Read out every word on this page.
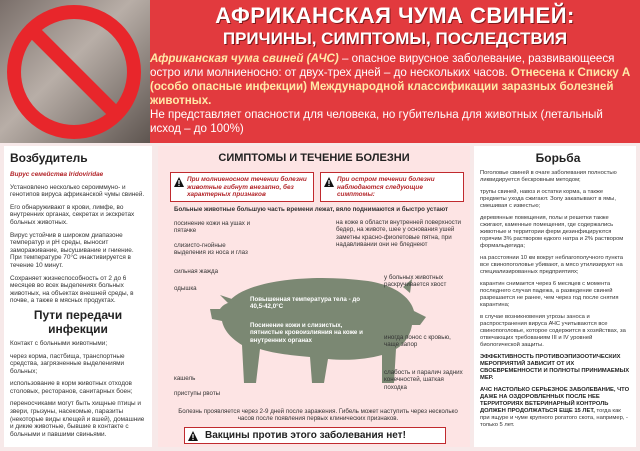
АФРИКАНСКАЯ ЧУМА СВИНЕЙ:
ПРИЧИНЫ, СИМПТОМЫ, ПОСЛЕДСТВИЯ
Африканская чума свиней (АЧС) – опасное вирусное заболевание, развивающееся остро или молниеносно: от двух-трех дней – до нескольких часов. Отнесена к Списку А (особо опасные инфекции) Международной классификации заразных болезней животных.
Не представляет опасности для человека, но губительна для животных (летальный исход – до 100%)
Возбудитель

Вирус семейства Iridoviridae

Установлено несколько сероиммуно- и генотипов вируса африканской чумы свиней.

Его обнаруживают в крови, лимфе, во внутренних органах, секретах и экскретах больных животных.

Вирус устойчив в широком диапазоне температур и рН среды, выносит замораживание, высушивание и гниение. При температуре 70°С инактивируется в течение 10 минут.

Сохраняет жизнеспособность от 2 до 6 месяцев во всех выделениях больных животных, на объектах внешней среды, в почве, а также в мясных продуктах.

Пути передачи инфекции

Контакт с больными животными;

через корма, пастбища, транспортные средства, загрязненные выделениями больных;

использование в корм животных отходов столовых, ресторанов, санитарных боен;

переносчиками могут быть хищные птицы и звери, грызуны, насекомые, паразиты (некоторые виды клещей и вшей), домашние и дикие животные, бывшие в контакте с больными и павшими свиньями.

СИМПТОМЫ И ТЕЧЕНИЕ БОЛЕЗНИ
При молниеносном течении болезни животные гибнут внезапно, без характерных признаков
При остром течении болезни наблюдаются следующие симптомы:
Больные животные большую часть времени лежат, вяло поднимаются и быстро устают
Повышенная температура тела - до 40,5-42,0°С
Посинение кожи и слизистых, пятнистые кровоизлияния на коже и внутренних органах
посинение кожи на ушах и пятачке
слизисто-гнойные выделения из носа и глаз
сильная жажда
одышка
кашель
приступы рвоты
на коже в области внутренней поверхности бедер, на животе, шее у основания ушей заметны красно-фиолетовые пятна, при надавливании они не бледнеют
у больных животных раскручивается хвост
иногда понос с кровью, чаще запор
слабость и паралич задних конечностей, шаткая походка
Болезнь проявляется через 2-9 дней после заражения. Гибель может наступить через несколько часов после появления первых клинических признаков.
Вакцины против этого заболевания нет!
Борьба

Поголовье свиней в очаге заболевания полностью ликвидируется бескровным методом;

трупы свиней, навоз и остатки корма, а также предметы ухода сжигают. Золу закапывают в ямы, смешивая с известью;

деревянные помещения, полы и решетки также сжигают, каменные помещения, где содержались животные и территории ферм дезинфицируются горячим 3% раствором едкого натра и 2% раствором формальдегида;

на расстоянии 10 км вокруг неблагополучного пункта все свинопоголовье убивают, а мясо утилизируют на специализированных предприятиях;

карантин снимается через 6 месяцев с момента последнего случая падежа, а разведение свиней разрешается не ранее, чем через год после снятия карантина;

в случае возникновения угрозы заноса и распространения вируса АЧС учитываются все свинопоголовье, которое содержится в хозяйствах, за отвечающих требованиям III и IV уровней биологической защиты.

ЭФФЕКТИВНОСТЬ ПРОТИВОЭПИЗООТИЧЕСКИХ МЕРОПРИЯТИЙ ЗАВИСИТ ОТ ИХ СВОЕВРЕМЕННОСТИ И ПОЛНОТЫ ПРИНИМАЕМЫХ МЕР.

АЧС НАСТОЛЬКО СЕРЬЕЗНОЕ ЗАБОЛЕВАНИЕ, ЧТО ДАЖЕ НА ОЗДОРОВЛЕННЫХ ПОСЛЕ НЕЕ ТЕРРИТОРИЯХ ВЕТЕРИНАРНЫЙ КОНТРОЛЬ ДОЛЖЕН ПРОДОЛЖАТЬСЯ ЕЩЕ 15 ЛЕТ, тогда как при ящуре и чуме крупного рогатого скота, например, - только 5 лет.
